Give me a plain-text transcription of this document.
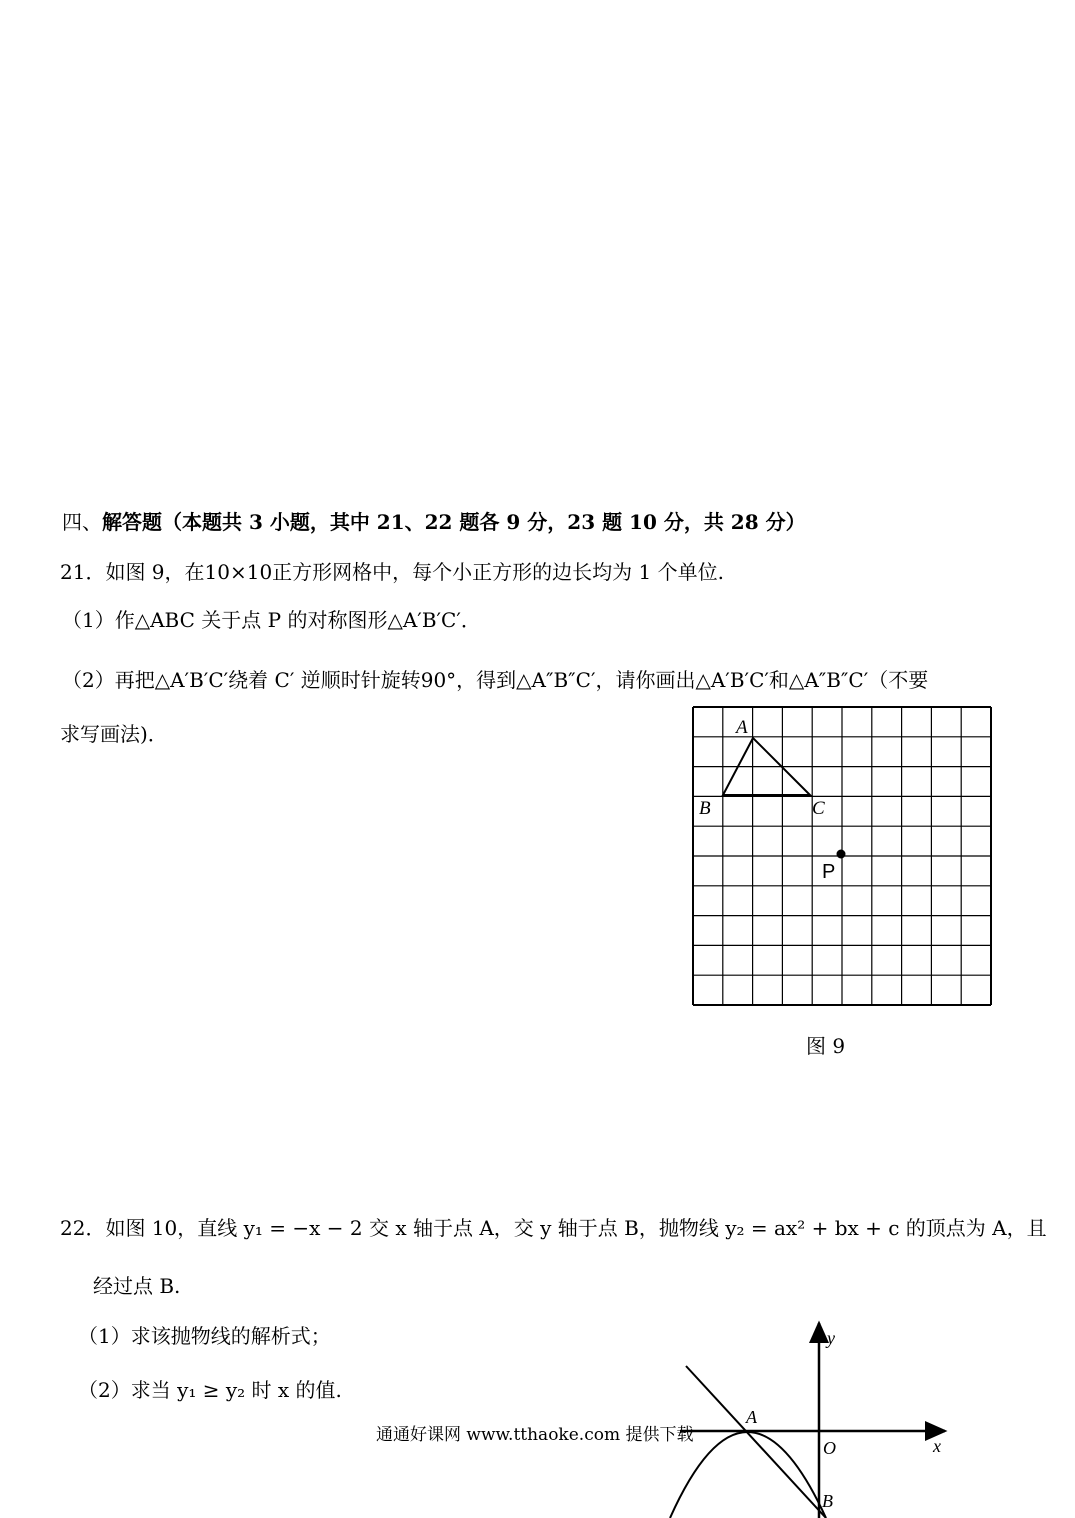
四、解答题（本题共 3 小题，其中 21、22 题各 9 分，23 题 10 分，共 28 分）
21．如图 9，在10×10正方形网格中，每个小正方形的边长均为 1 个单位.
（1）作△ABC 关于点 P 的对称图形△A′B′C′．
（2）再把△A′B′C′绕着 C′ 逆顺时针旋转90°，得到△A″B″C′，请你画出△A′B′C′和△A″B″C′（不要
求写画法)．	A
B	C
P
图 9
22．如图 10，直线 y₁ = −x − 2 交 x 轴于点 A，交 y 轴于点 B，抛物线 y₂ = ax² + bx + c 的顶点为 A，且
经过点 B.
（1）求该抛物线的解析式；
（2）求当 y₁ ≥ y₂ 时 x 的值.
y
x
A
O
B
通通好课网 www.tthaoke.com 提供下载
